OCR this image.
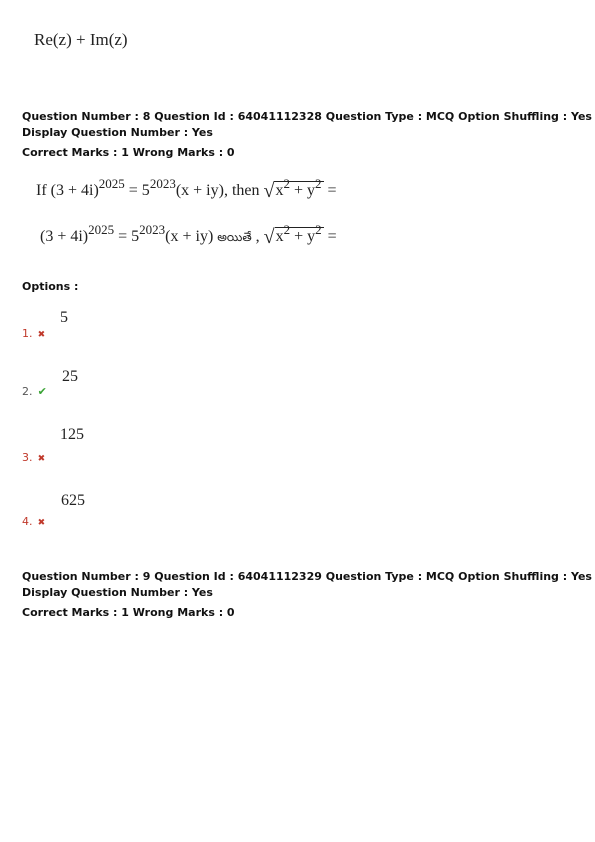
Re(z) + Im(z)
Question Number : 8 Question Id : 64041112328 Question Type : MCQ Option Shuffling : Yes
Display Question Number : Yes
Correct Marks : 1 Wrong Marks : 0
If $(3 + 4i)^{2025} = 5^{2023}(x + iy)$, then $√x^2 + y^2$ =
$(3 + 4i)^{2025} = 5^{2023}(x + iy)$ అయితే , $√x^2 + y^2$ =
Options :
1. ✖
5
2. ✔
25
3. ✖
125
4. ✖
625
Question Number : 9 Question Id : 64041112329 Question Type : MCQ Option Shuffling : Yes
Display Question Number : Yes
Correct Marks : 1 Wrong Marks : 0
